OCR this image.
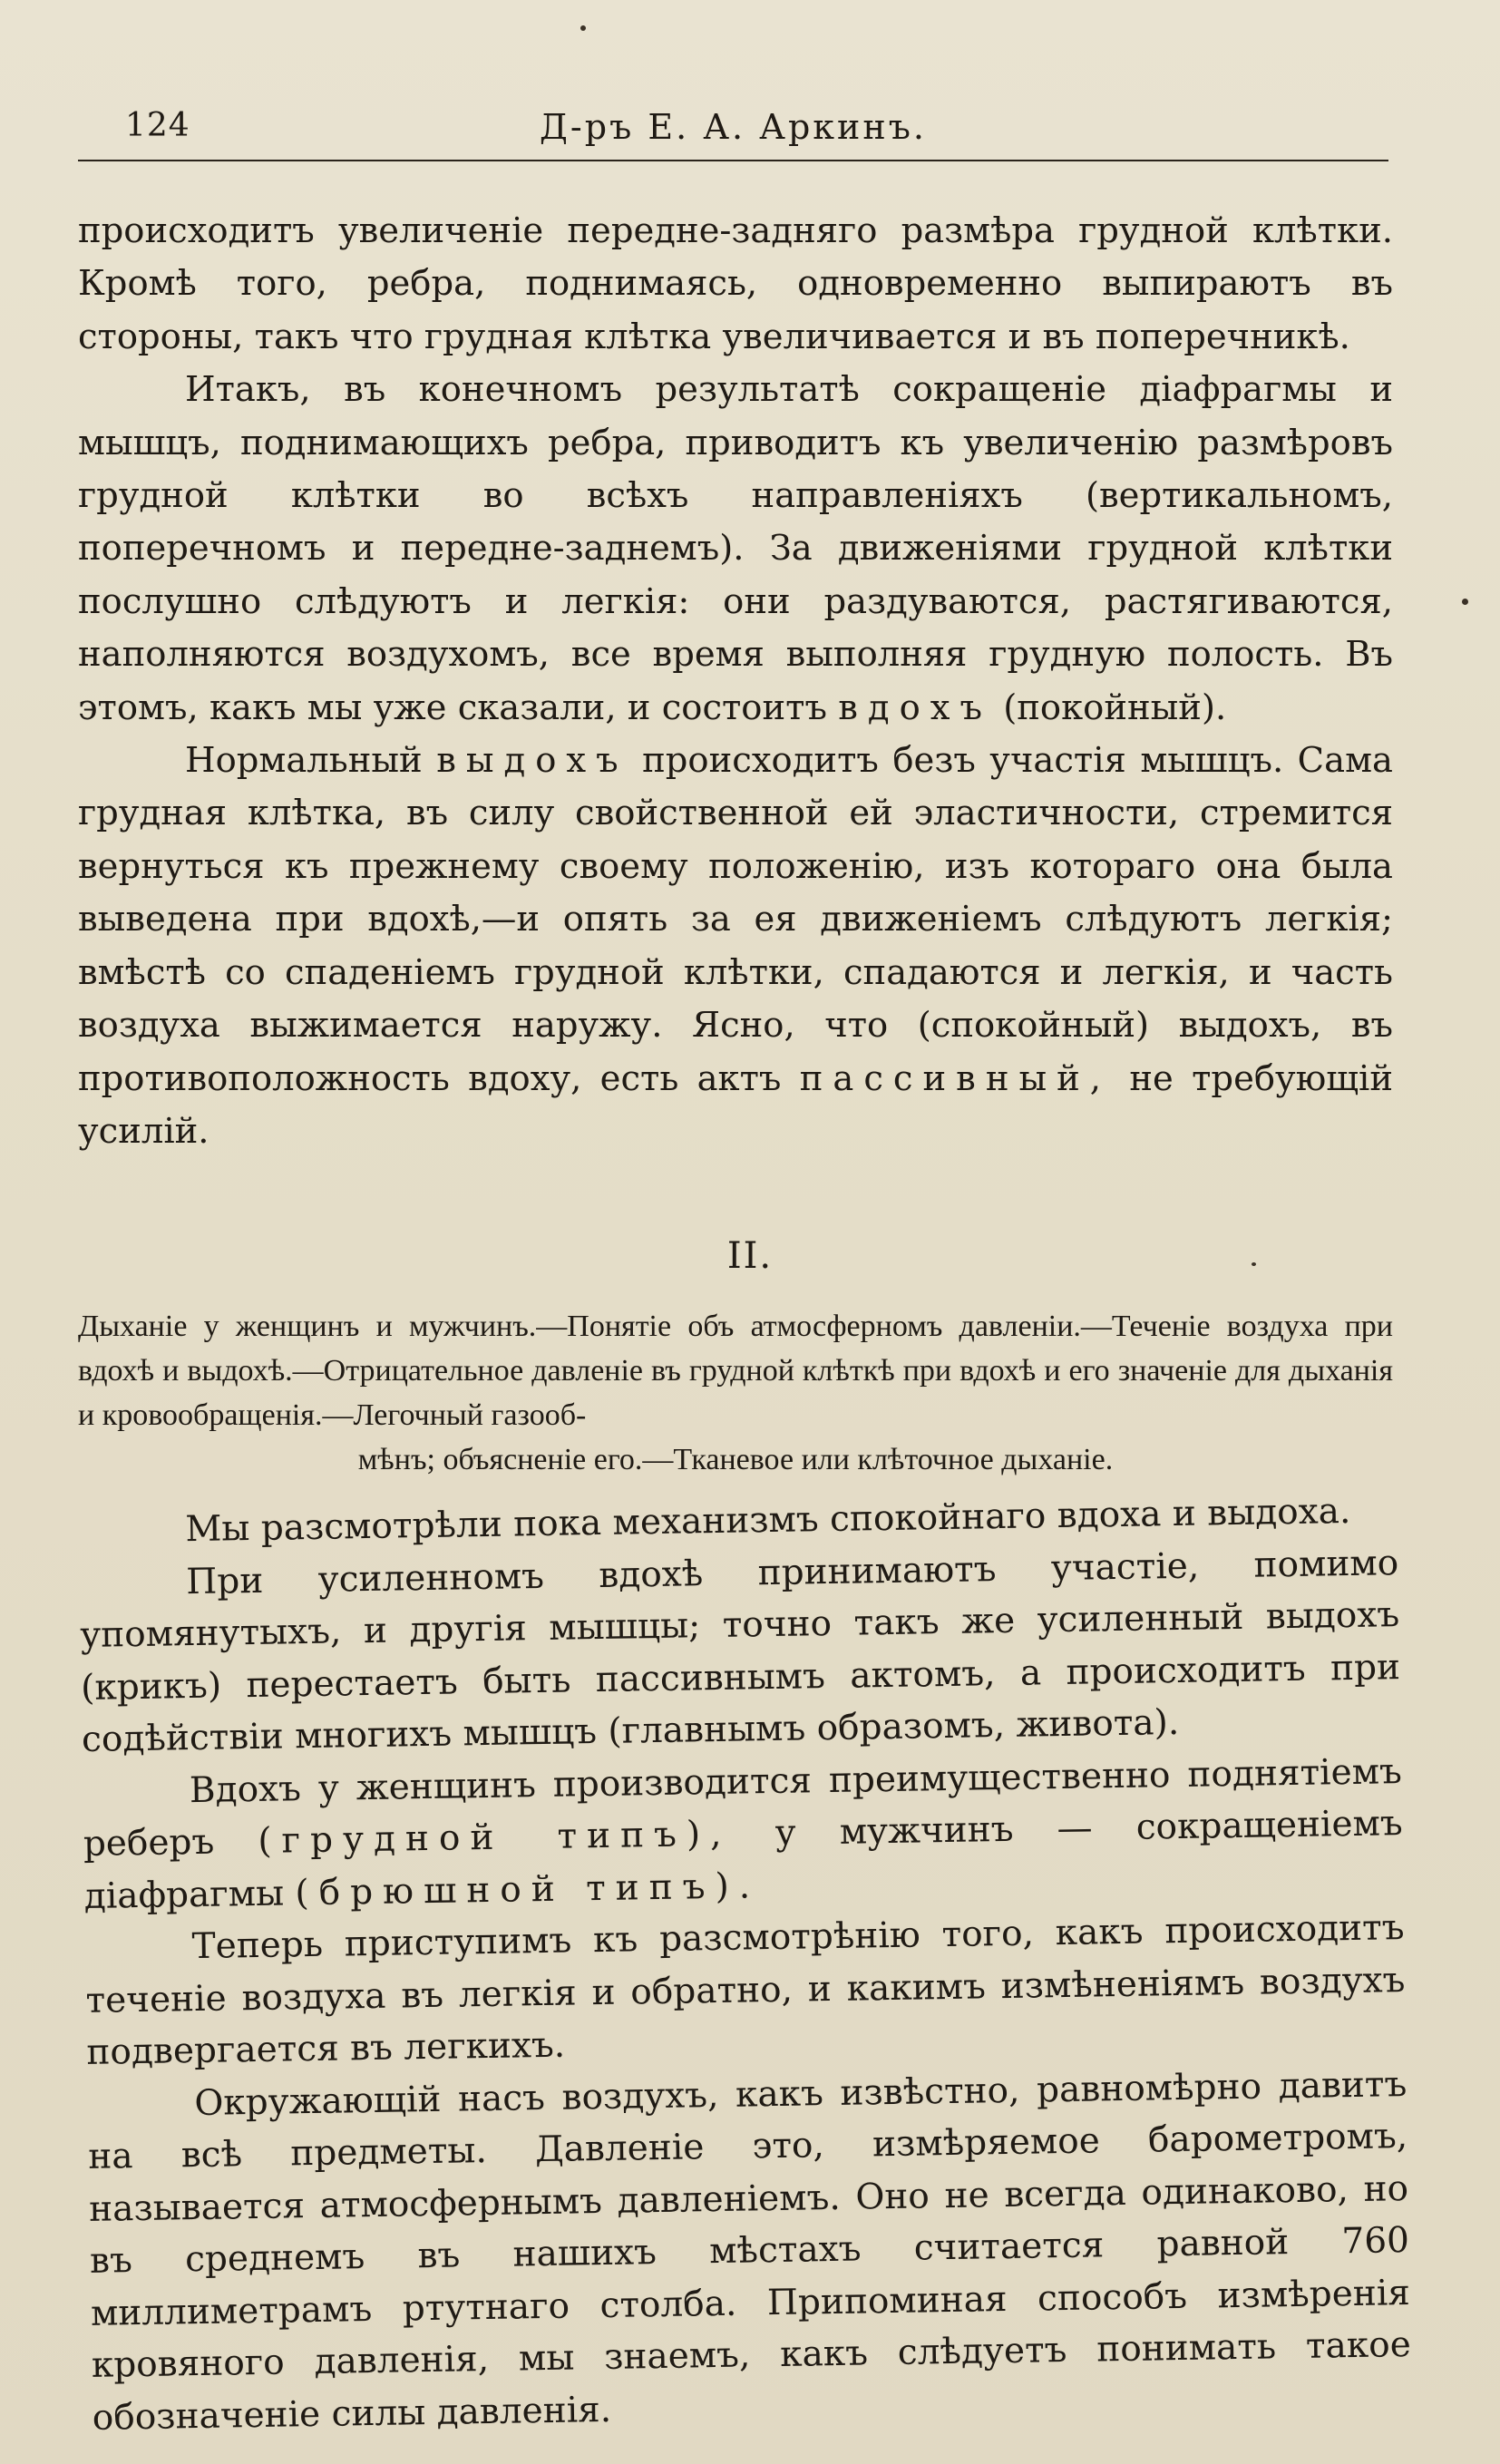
124	Д-ръ Е. А. Аркинъ.

происходитъ увеличеніе передне-задняго размѣра грудной клѣтки. Кромѣ того, ребра, поднимаясь, одновременно выпираютъ въ стороны, такъ что грудная клѣтка увеличивается и въ поперечникѣ.

Итакъ, въ конечномъ результатѣ сокращеніе діафрагмы и мышцъ, поднимающихъ ребра, приводитъ къ увеличенію размѣровъ грудной клѣтки во всѣхъ направленіяхъ (вертикальномъ, поперечномъ и передне-заднемъ). За движеніями грудной клѣтки послушно слѣдуютъ и легкія: они раздуваются, растягиваются, наполняются воздухомъ, все время выполняя грудную полость. Въ этомъ, какъ мы уже сказали, и состоитъ вдохъ (покойный).

Нормальный выдохъ происходитъ безъ участія мышцъ. Сама грудная клѣтка, въ силу свойственной ей эластичности, стремится вернуться къ прежнему своему положенію, изъ котораго она была выведена при вдохѣ,—и опять за ея движеніемъ слѣдуютъ легкія; вмѣстѣ со спаденіемъ грудной клѣтки, спадаются и легкія, и часть воздуха выжимается наружу. Ясно, что (спокойный) выдохъ, въ противоположность вдоху, есть актъ пассивный, не требующій усилій.

II.
Дыханіе у женщинъ и мужчинъ.—Понятіе объ атмосферномъ давленіи.—Теченіе воздуха при вдохѣ и выдохѣ.—Отрицательное давленіе въ грудной клѣткѣ при вдохѣ и его значеніе для дыханія и кровообращенія.—Легочный газооб-
мѣнъ; объясненіе его.—Тканевое или клѣточное дыханіе.

Мы разсмотрѣли пока механизмъ спокойнаго вдоха и выдоха.

При усиленномъ вдохѣ принимаютъ участіе, помимо упомянутыхъ, и другія мышцы; точно такъ же усиленный выдохъ (крикъ) перестаетъ быть пассивнымъ актомъ, а происходитъ при содѣйствіи многихъ мышцъ (главнымъ образомъ, живота).

Вдохъ у женщинъ производится преимущественно поднятіемъ реберъ (грудной типъ), у мужчинъ — сокращеніемъ діафрагмы (брюшной типъ).

Теперь приступимъ къ разсмотрѣнію того, какъ происходитъ теченіе воздуха въ легкія и обратно, и какимъ измѣненіямъ воздухъ подвергается въ легкихъ.

Окружающій насъ воздухъ, какъ извѣстно, равномѣрно давитъ на всѣ предметы. Давленіе это, измѣряемое барометромъ, называется атмосфернымъ давленіемъ. Оно не всегда одинаково, но въ среднемъ въ нашихъ мѣстахъ считается равной 760 миллиметрамъ ртутнаго столба. Припоминая способъ измѣренія кровяного давленія, мы знаемъ, какъ слѣдуетъ понимать такое обозначеніе силы давленія.
